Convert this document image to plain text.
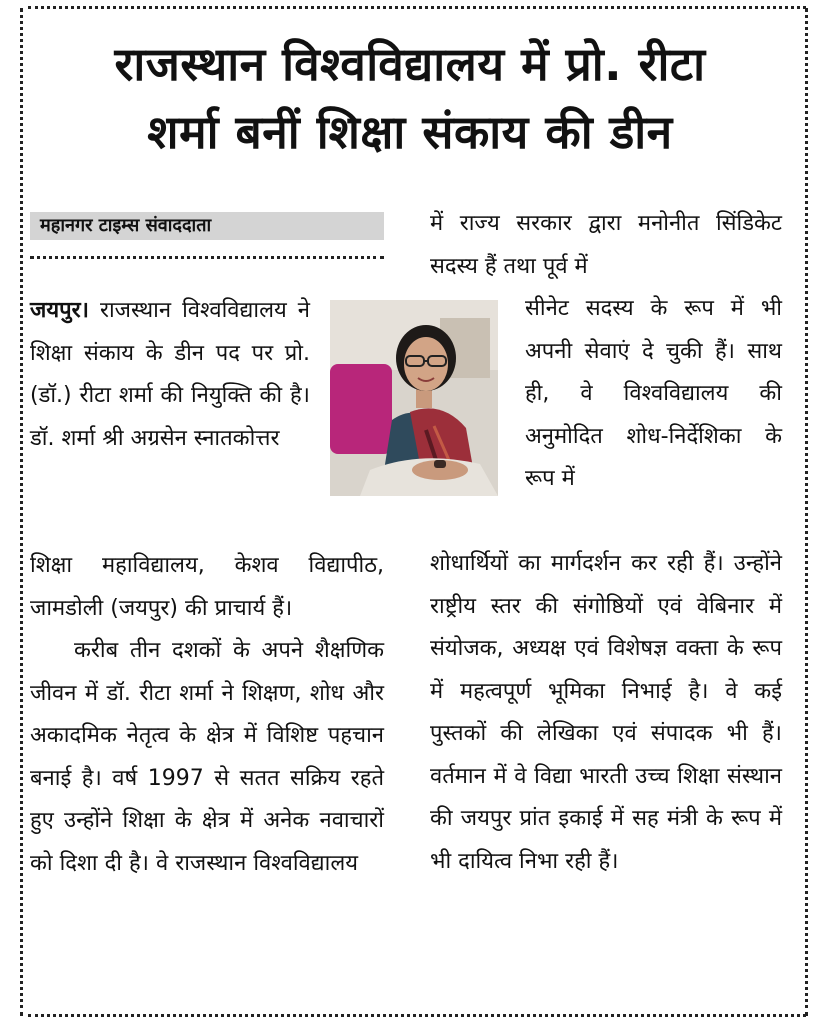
राजस्थान विश्वविद्यालय में प्रो. रीटा
शर्मा बनीं शिक्षा संकाय की डीन
महानगर टाइम्स संवाददाता
जयपुर। राजस्थान विश्वविद्यालय ने शिक्षा संकाय के डीन पद पर प्रो. (डॉ.) रीटा शर्मा की नियुक्ति की है। डॉ. शर्मा श्री अग्रसेन स्नातकोत्तर
शिक्षा महाविद्यालय, केशव विद्यापीठ, जामडोली (जयपुर) की प्राचार्य हैं।
करीब तीन दशकों के अपने शैक्षणिक जीवन में डॉ. रीटा शर्मा ने शिक्षण, शोध और अकादमिक नेतृत्व के क्षेत्र में विशिष्ट पहचान बनाई है। वर्ष 1997 से सतत सक्रिय रहते हुए उन्होंने शिक्षा के क्षेत्र में अनेक नवाचारों को दिशा दी है। वे राजस्थान विश्वविद्यालय
में राज्य सरकार द्वारा मनोनीत सिंडिकेट सदस्य हैं तथा पूर्व में
सीनेट सदस्य के रूप में भी अपनी सेवाएं दे चुकी हैं। साथ ही, वे विश्वविद्यालय की अनुमोदित शोध-निर्देशिका के रूप में
शोधार्थियों का मार्गदर्शन कर रही हैं। उन्होंने राष्ट्रीय स्तर की संगोष्ठियों एवं वेबिनार में संयोजक, अध्यक्ष एवं विशेषज्ञ वक्ता के रूप में महत्वपूर्ण भूमिका निभाई है। वे कई पुस्तकों की लेखिका एवं संपादक भी हैं। वर्तमान में वे विद्या भारती उच्च शिक्षा संस्थान की जयपुर प्रांत इकाई में सह मंत्री के रूप में भी दायित्व निभा रही हैं।
